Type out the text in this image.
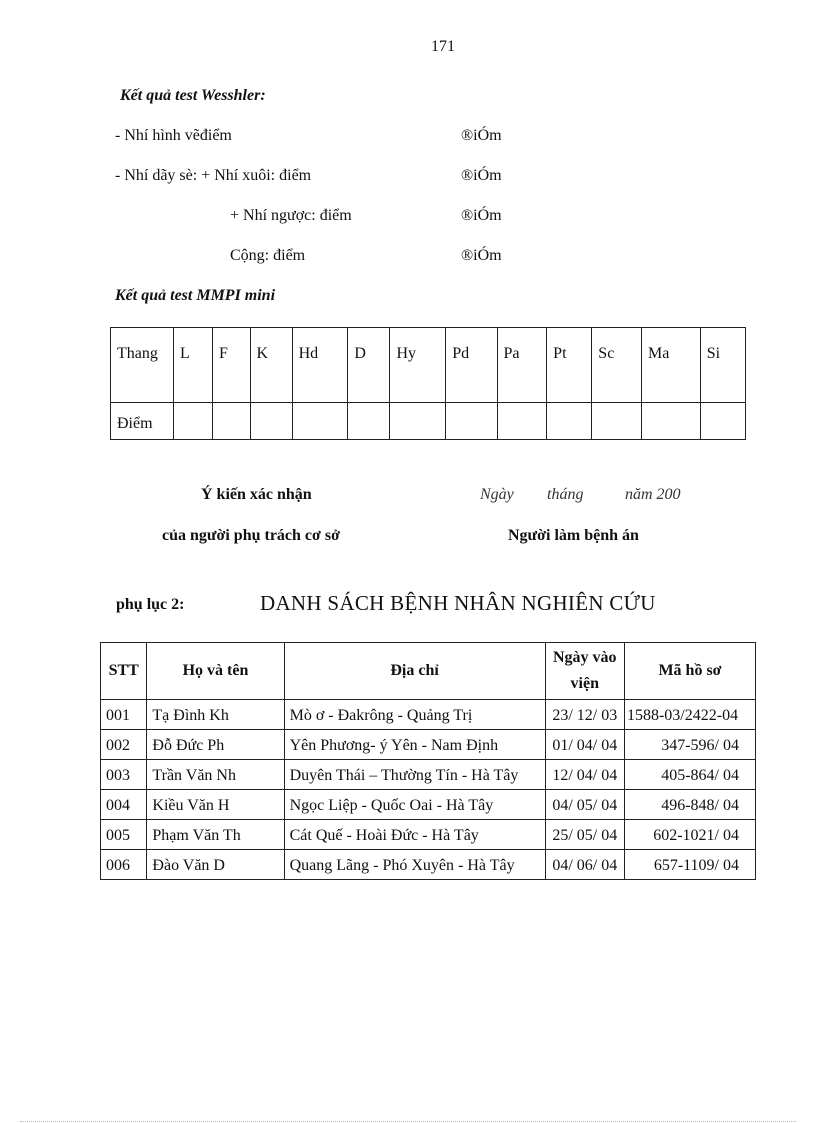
171
Kết quả test Wesshler:
- Nhí hình vẽđiểm	®iÓm
- Nhí dãy sè: + Nhí xuôi: điểm	®iÓm
+ Nhí ngược: điểm	®iÓm
Cộng: điểm	®iÓm
Kết quả test MMPI mini
Thang	L	F	K	Hd	D	Hy	Pd	Pa	Pt	Sc	Ma	Si
Điểm												
Ý kiến xác nhận	Ngày tháng	năm 200
của người phụ trách cơ sở	Người làm bệnh án
phụ lục 2:	DANH SÁCH BỆNH NHÂN NGHIÊN CỨU
STT	Họ và tên	Địa chỉ	Ngày vào viện	Mã hồ sơ
001	Tạ Đình Kh	Mò ơ - Đakrông - Quảng Trị	23/ 12/ 03	1588-03/2422-04
002	Đỗ Đức Ph	Yên Phương- ý Yên - Nam Định	01/ 04/ 04	347-596/ 04
003	Trần Văn Nh	Duyên Thái – Thường Tín - Hà Tây	12/ 04/ 04	405-864/ 04
004	Kiều Văn H	Ngọc Liệp - Quốc Oai - Hà Tây	04/ 05/ 04	496-848/ 04
005	Phạm Văn Th	Cát Quế - Hoài Đức - Hà Tây	25/ 05/ 04	602-1021/ 04
006	Đào Văn D	Quang Lãng - Phó Xuyên - Hà Tây	04/ 06/ 04	657-1109/ 04
